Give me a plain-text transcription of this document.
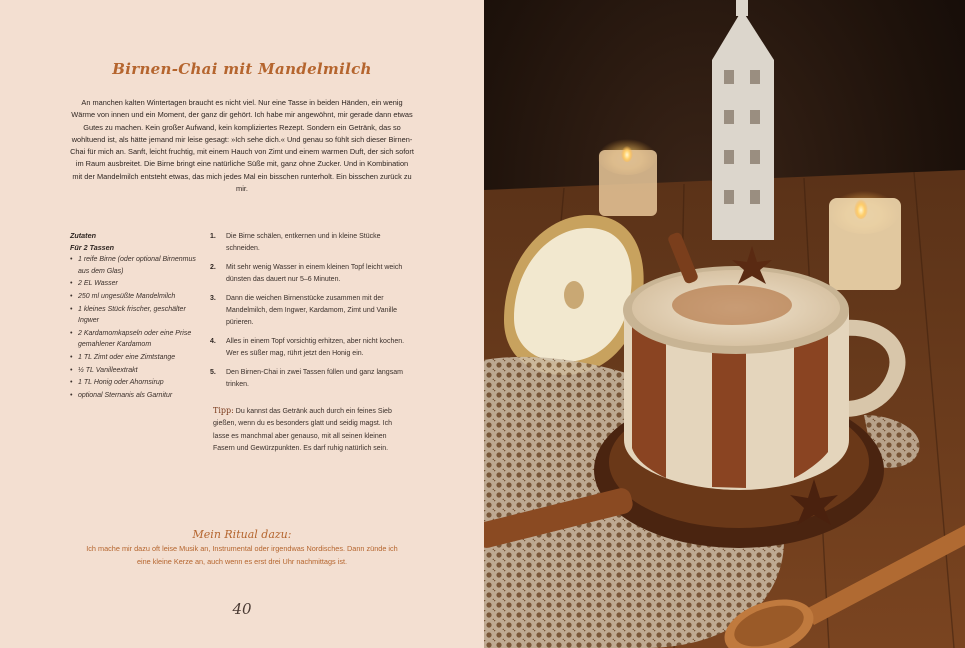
Birnen-Chai mit Mandelmilch

An manchen kalten Wintertagen braucht es nicht viel. Nur eine Tasse in beiden Händen, ein wenig Wärme von innen und ein Moment, der ganz dir gehört. Ich habe mir angewöhnt, mir gerade dann etwas Gutes zu machen. Kein großer Aufwand, kein kompliziertes Rezept. Sondern ein Getränk, das so wohltuend ist, als hätte jemand mir leise gesagt: »Ich sehe dich.« Und genau so fühlt sich dieser Birnen-Chai für mich an. Sanft, leicht fruchtig, mit einem Hauch von Zimt und einem warmen Duft, der sich sofort im Raum ausbreitet. Die Birne bringt eine natürliche Süße mit, ganz ohne Zucker. Und in Kombination mit der Mandelmilch entsteht etwas, das mich jedes Mal ein bisschen runterholt. Ein bisschen zurück zu mir.

Zutaten
Für 2 Tassen
• 1 reife Birne (oder optional Birnenmus aus dem Glas)
• 2 EL Wasser
• 250 ml ungesüßte Mandelmilch
• 1 kleines Stück frischer, geschälter Ingwer
• 2 Kardamomkapseln oder eine Prise gemahlener Kardamom
• 1 TL Zimt oder eine Zimtstange
• ½ TL Vanilleextrakt
• 1 TL Honig oder Ahornsirup
• optional Sternanis als Garnitur
1. Die Birne schälen, entkernen und in kleine Stücke schneiden.
2. Mit sehr wenig Wasser in einem kleinen Topf leicht weich dünsten das dauert nur 5–6 Minuten.
3. Dann die weichen Birnenstücke zusammen mit der Mandelmilch, dem Ingwer, Kardamom, Zimt und Vanille pürieren.
4. Alles in einem Topf vorsichtig erhitzen, aber nicht kochen. Wer es süßer mag, rührt jetzt den Honig ein.
5. Den Birnen-Chai in zwei Tassen füllen und ganz langsam trinken.

Tipp: Du kannst das Getränk auch durch ein feines Sieb gießen, wenn du es besonders glatt und seidig magst. Ich lasse es manchmal aber genauso, mit all seinen kleinen Fasern und Gewürzpunkten. Es darf ruhig natürlich sein.

Mein Ritual dazu:

Ich mache mir dazu oft leise Musik an, Instrumental oder irgendwas Nordisches. Dann zünde ich eine kleine Kerze an, auch wenn es erst drei Uhr nachmittags ist.

40
